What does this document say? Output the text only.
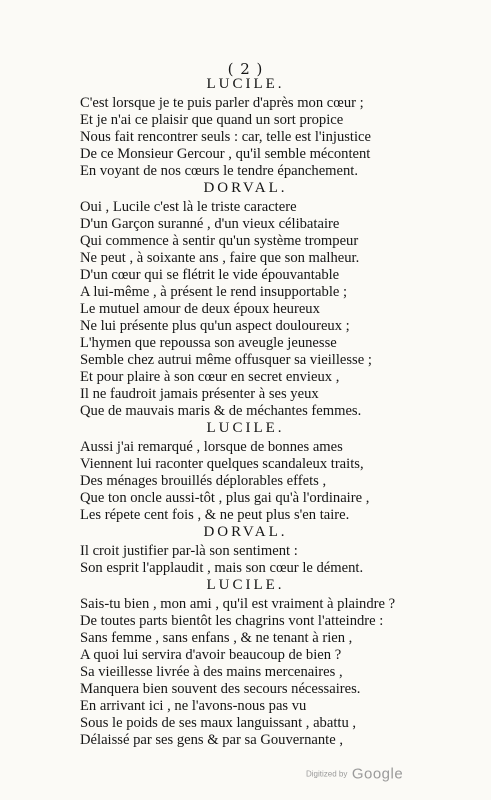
( 2 )
LUCILE.
C'est lorsque je te puis parler d'après mon cœur ;
Et je n'ai ce plaisir que quand un sort propice
Nous fait rencontrer seuls : car, telle est l'injustice
De ce Monsieur Gercour , qu'il semble mécontent
En voyant de nos cœurs le tendre épanchement.
DORVAL.
Oui , Lucile c'est là le triste caractere
D'un Garçon suranné , d'un vieux célibataire
Qui commence à sentir qu'un système trompeur
Ne peut , à soixante ans , faire que son malheur.
D'un cœur qui se flétrit le vide épouvantable
A lui-même , à présent le rend insupportable ;
Le mutuel amour de deux époux heureux
Ne lui présente plus qu'un aspect douloureux ;
L'hymen que repoussa son aveugle jeunesse
Semble chez autrui même offusquer sa vieillesse ;
Et pour plaire à son cœur en secret envieux ,
Il ne faudroit jamais présenter à ses yeux
Que de mauvais maris & de méchantes femmes.
LUCILE.
Aussi j'ai remarqué , lorsque de bonnes ames
Viennent lui raconter quelques scandaleux traits,
Des ménages brouillés déplorables effets ,
Que ton oncle aussi-tôt , plus gai qu'à l'ordinaire ,
Les répete cent fois , & ne peut plus s'en taire.
DORVAL.
Il croit justifier par-là son sentiment :
Son esprit l'applaudit , mais son cœur le dément.
LUCILE.
Sais-tu bien , mon ami , qu'il est vraiment à plaindre ?
De toutes parts bientôt les chagrins vont l'atteindre :
Sans femme , sans enfans , & ne tenant à rien ,
A quoi lui servira d'avoir beaucoup de bien ?
Sa vieillesse livrée à des mains mercenaires ,
Manquera bien souvent des secours nécessaires.
En arrivant ici , ne l'avons-nous pas vu
Sous le poids de ses maux languissant , abattu ,
Délaissé par ses gens & par sa Gouvernante ,
Digitized by Google
